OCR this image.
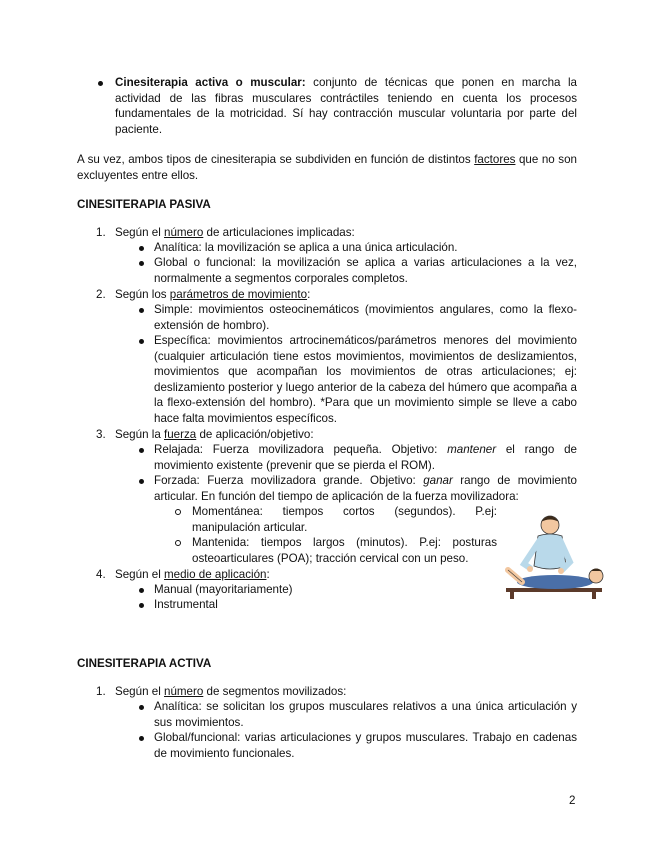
Cinesiterapia activa o muscular: conjunto de técnicas que ponen en marcha la actividad de las fibras musculares contráctiles teniendo en cuenta los procesos fundamentales de la motricidad. Sí hay contracción muscular voluntaria por parte del paciente.
A su vez, ambos tipos de cinesiterapia se subdividen en función de distintos factores que no son excluyentes entre ellos.
CINESITERAPIA PASIVA
1. Según el número de articulaciones implicadas:
Analítica: la movilización se aplica a una única articulación.
Global o funcional: la movilización se aplica a varias articulaciones a la vez, normalmente a segmentos corporales completos.
2. Según los parámetros de movimiento:
Simple: movimientos osteocinemáticos (movimientos angulares, como la flexo-extensión de hombro).
Específica: movimientos artrocinemáticos/parámetros menores del movimiento (cualquier articulación tiene estos movimientos, movimientos de deslizamientos, movimientos que acompañan los movimientos de otras articulaciones; ej: deslizamiento posterior y luego anterior de la cabeza del húmero que acompaña a la flexo-extensión del hombro). *Para que un movimiento simple se lleve a cabo hace falta movimientos específicos.
3. Según la fuerza de aplicación/objetivo:
Relajada: Fuerza movilizadora pequeña. Objetivo: mantener el rango de movimiento existente (prevenir que se pierda el ROM).
Forzada: Fuerza movilizadora grande. Objetivo: ganar rango de movimiento articular. En función del tiempo de aplicación de la fuerza movilizadora:
Momentánea: tiempos cortos (segundos). P.ej: manipulación articular.
Mantenida: tiempos largos (minutos). P.ej: posturas osteoarticulares (POA); tracción cervical con un peso.
4. Según el medio de aplicación:
Manual (mayoritariamente)
Instrumental
CINESITERAPIA ACTIVA
1. Según el número de segmentos movilizados:
Analítica: se solicitan los grupos musculares relativos a una única articulación y sus movimientos.
Global/funcional: varias articulaciones y grupos musculares. Trabajo en cadenas de movimiento funcionales.
2
